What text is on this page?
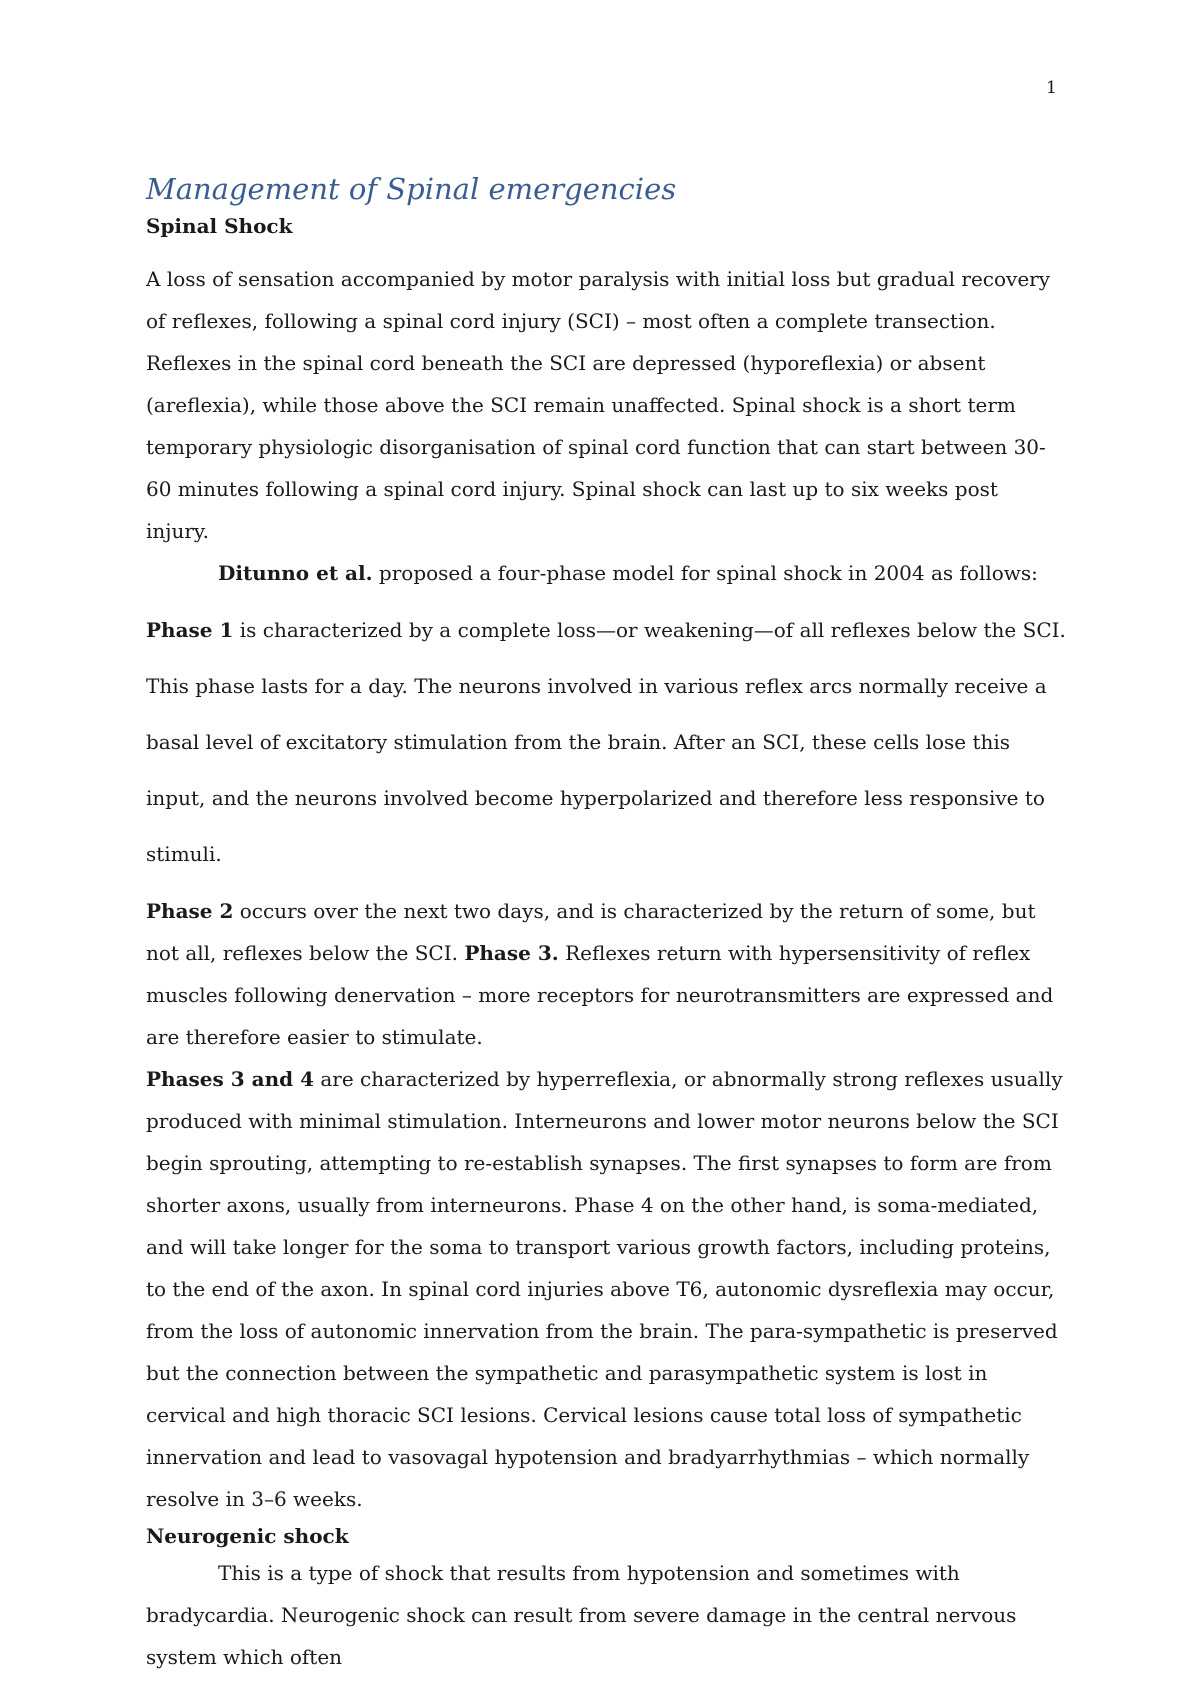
1
Management of Spinal emergencies
Spinal Shock

A loss of sensation accompanied by motor paralysis with initial loss but gradual recovery of reflexes, following a spinal cord injury (SCI) – most often a complete transection. Reflexes in the spinal cord beneath the SCI are depressed (hyporeflexia) or absent (areflexia), while those above the SCI remain unaffected. Spinal shock is a short term temporary physiologic disorganisation of spinal cord function that can start between 30-60 minutes following a spinal cord injury. Spinal shock can last up to six weeks post injury.

Ditunno et al. proposed a four-phase model for spinal shock in 2004 as follows:

Phase 1 is characterized by a complete loss—or weakening—of all reflexes below the SCI. This phase lasts for a day. The neurons involved in various reflex arcs normally receive a basal level of excitatory stimulation from the brain. After an SCI, these cells lose this input, and the neurons involved become hyperpolarized and therefore less responsive to stimuli.

Phase 2 occurs over the next two days, and is characterized by the return of some, but not all, reflexes below the SCI. Phase 3. Reflexes return with hypersensitivity of reflex muscles following denervation – more receptors for neurotransmitters are expressed and are therefore easier to stimulate.

Phases 3 and 4 are characterized by hyperreflexia, or abnormally strong reflexes usually produced with minimal stimulation. Interneurons and lower motor neurons below the SCI begin sprouting, attempting to re-establish synapses. The first synapses to form are from shorter axons, usually from interneurons. Phase 4 on the other hand, is soma-mediated, and will take longer for the soma to transport various growth factors, including proteins, to the end of the axon. In spinal cord injuries above T6, autonomic dysreflexia may occur, from the loss of autonomic innervation from the brain. The para-sympathetic is preserved but the connection between the sympathetic and parasympathetic system is lost in cervical and high thoracic SCI lesions. Cervical lesions cause total loss of sympathetic innervation and lead to vasovagal hypotension and bradyarrhythmias – which normally resolve in 3–6 weeks.

Neurogenic shock

This is a type of shock that results from hypotension and sometimes with bradycardia. Neurogenic shock can result from severe damage in the central nervous system which often
